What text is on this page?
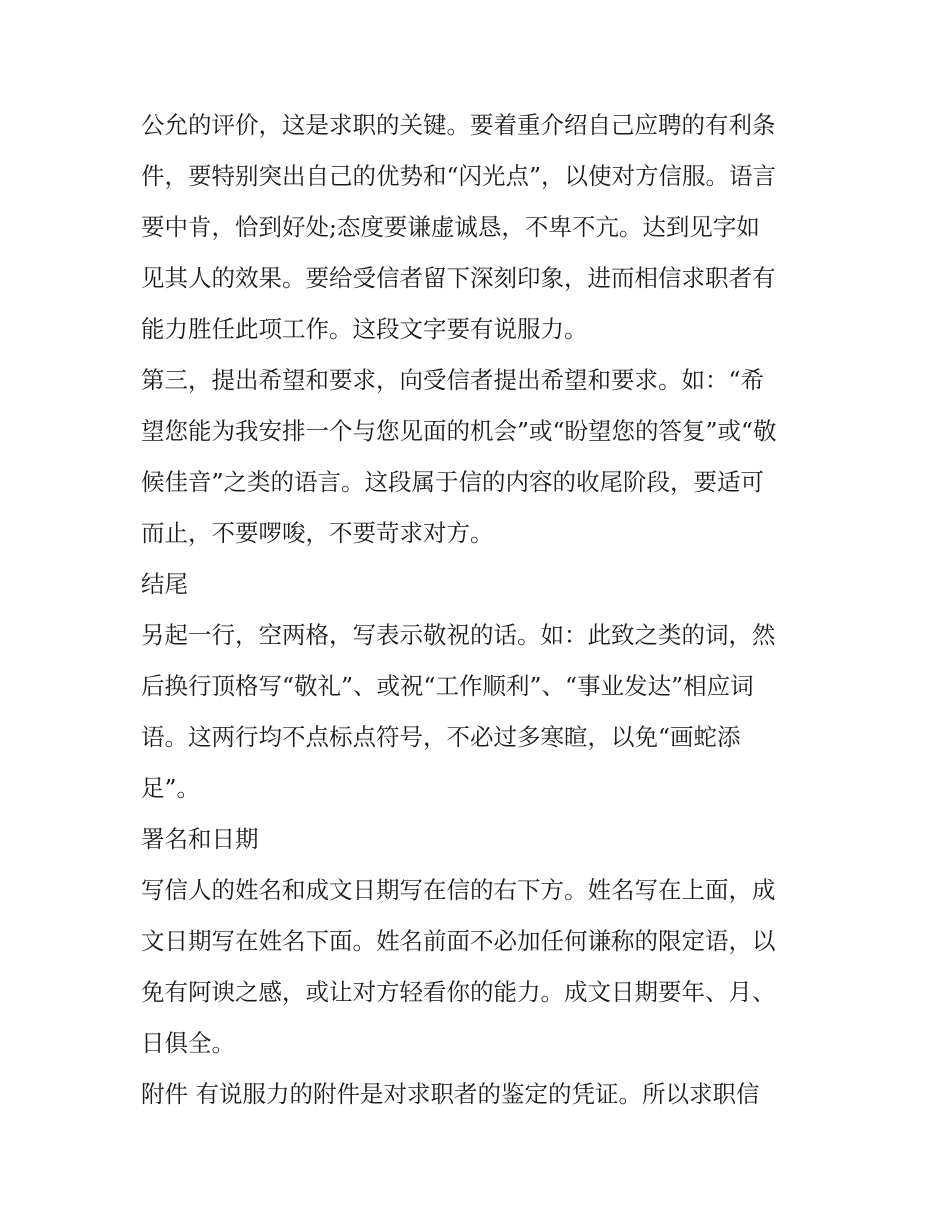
公允的评价，这是求职的关键。要着重介绍自己应聘的有利条
件，要特别突出自己的优势和“闪光点”，以使对方信服。语言
要中肯，恰到好处;态度要谦虚诚恳，不卑不亢。达到见字如
见其人的效果。要给受信者留下深刻印象，进而相信求职者有
能力胜任此项工作。这段文字要有说服力。
第三，提出希望和要求，向受信者提出希望和要求。如：“希
望您能为我安排一个与您见面的机会”或“盼望您的答复”或“敬
候佳音”之类的语言。这段属于信的内容的收尾阶段，要适可
而止，不要啰唆，不要苛求对方。
结尾
另起一行，空两格，写表示敬祝的话。如：此致之类的词，然
后换行顶格写“敬礼”、或祝“工作顺利”、“事业发达”相应词
语。这两行均不点标点符号，不必过多寒暄，以免“画蛇添
足”。
署名和日期
写信人的姓名和成文日期写在信的右下方。姓名写在上面，成
文日期写在姓名下面。姓名前面不必加任何谦称的限定语，以
免有阿谀之感，或让对方轻看你的能力。成文日期要年、月、
日俱全。
附件 有说服力的附件是对求职者的鉴定的凭证。所以求职信
